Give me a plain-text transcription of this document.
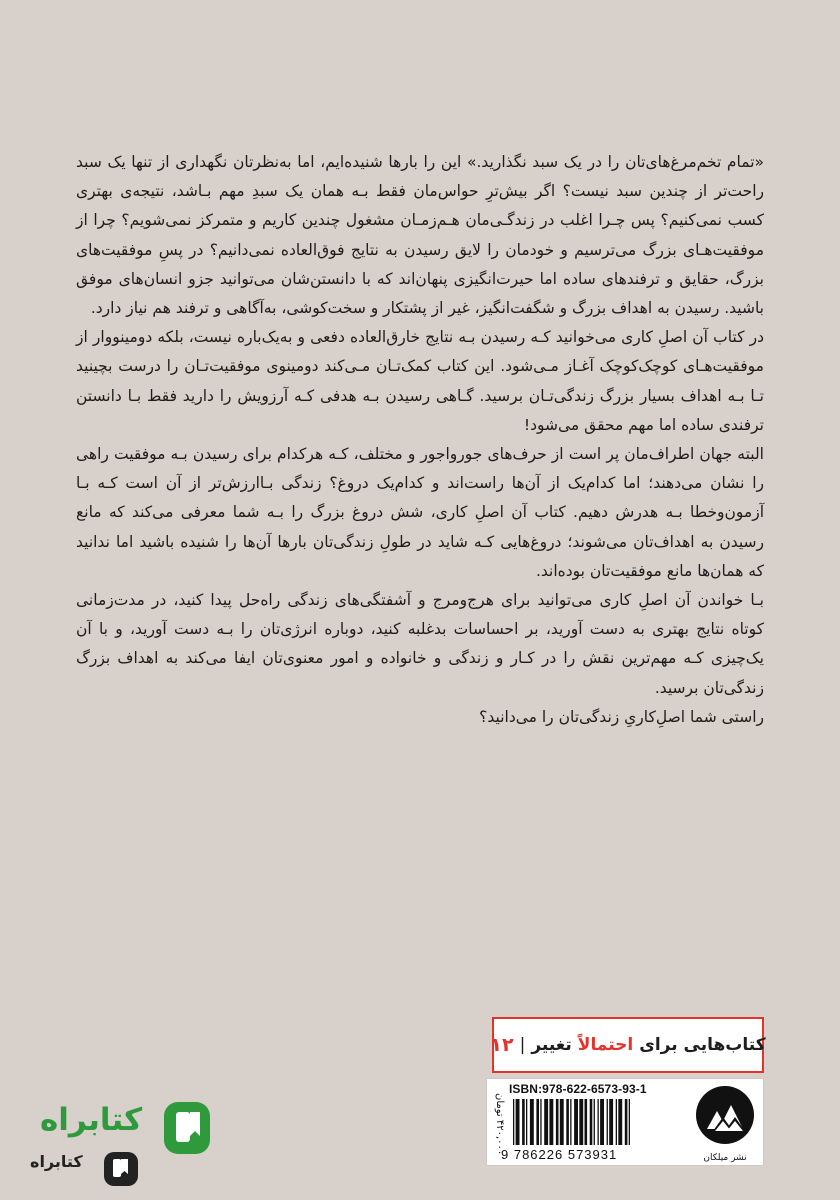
«تمام تخم‌مرغ‌های‌تان را در یک سبد نگذارید.» این را بارها شنیده‌ایم، اما به‌نظرتان نگهداری از تنها یک سبد راحت‌تر از چندین سبد نیست؟ اگر بیش‌ترِ حواس‌مان فقط بـه همان یک سبدِ مهم بـاشد، نتیجه‌ی بهتری کسب نمی‌کنیم؟ پس چـرا اغلب در زندگـی‌مان هـم‌زمـان مشغول چندین کاریم و متمرکز نمی‌شویم؟ چرا از موفقیت‌هـای بزرگ می‌ترسیم و خودمان را لایق رسیدن به نتایج فوق‌العاده نمی‌دانیم؟ در پسِ موفقیت‌های بزرگ، حقایق و ترفندهای ساده اما حیرت‌انگیزی پنهان‌اند که با دانستن‌شان می‌توانید جزو انسان‌های موفق باشید. رسیدن به اهداف بزرگ و شگفت‌انگیز، غیر از پشتکار و سخت‌کوشی، به‌آگاهی و ترفند هم نیاز دارد.

در کتاب آن اصلِ کاری می‌خوانید کـه رسیدن بـه نتایج خارق‌العاده دفعی و به‌یک‌باره نیست، بلکه دومینووار از موفقیت‌هـای کوچک‌کوچک آغـاز مـی‌شود. این کتاب کمک‌تـان مـی‌کند دومینوی موفقیت‌تـان را درست بچینید تـا بـه اهداف بسیار بزرگ زندگی‌تـان برسید. گـاهی رسیدن بـه هدفی کـه آرزویش را دارید فقط بـا دانستن ترفندی ساده اما مهم محقق می‌شود!

البته جهان اطراف‌مان پر است از حرف‌های جوروا‌جور و مختلف، کـه هرکدام برای رسیدن بـه موفقیت راهی را نشان می‌دهند؛ اما کدام‌یک از آن‌ها راست‌اند و کدام‌یک دروغ؟ زندگی بـاارزش‌تر از آن است کـه بـا آزمون‌وخطا بـه هدرش دهیم. کتاب آن اصلِ کاری، شش دروغ بزرگ را بـه شما معرفی می‌کند که مانع رسیدن به اهداف‌تان می‌شوند؛ دروغ‌هایی کـه شاید در طولِ زندگی‌تان بارها آن‌ها را شنیده باشید اما ندانید که همان‌ها مانع موفقیت‌تان بوده‌اند.

بـا خواندن آن اصلِ کاری می‌توانید برای هرج‌ومرج و آشفتگی‌های زندگی راه‌حل پیدا کنید، در مدت‌زمانی کوتاه نتایج بهتری به دست آورید، بر احساسات بدغلبه کنید، دوباره انرژی‌تان را بـه دست آورید، و با آن یک‌چیزی کـه مهم‌ترین نقش را در کـار و زندگی و خانواده و امور معنوی‌تان ایفا می‌کند به اهداف بزرگ زندگی‌تان برسید.

راستی شما اصلِ‌کاریِ زندگی‌تان را می‌دانید؟

کتاب‌هایی برای
احتمالاً
تغییر
|
۱۲
۴۲۰,۰۰۰ تومان
ISBN:978-622-6573-93-1
9 786226 573931	نشر میلکان
کتابراه
کتابراه
